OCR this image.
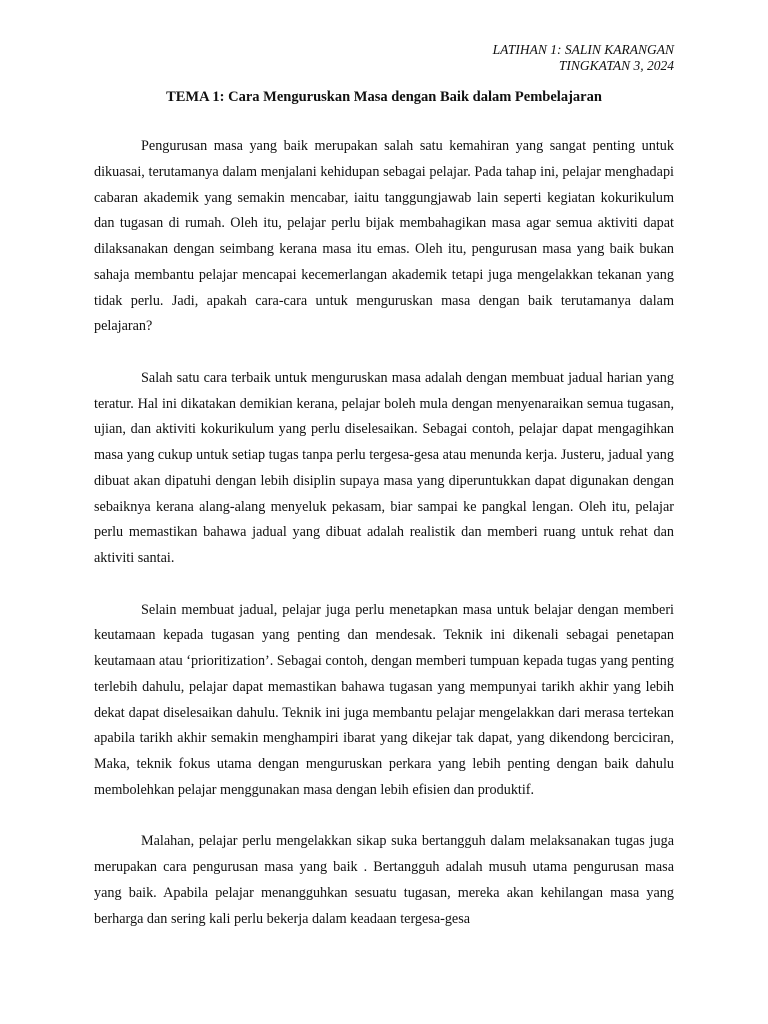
LATIHAN 1: SALIN KARANGAN
TINGKATAN 3, 2024
TEMA 1: Cara Menguruskan Masa dengan Baik dalam Pembelajaran

Pengurusan masa yang baik merupakan salah satu kemahiran yang sangat penting untuk dikuasai, terutamanya dalam menjalani kehidupan sebagai pelajar. Pada tahap ini, pelajar menghadapi cabaran akademik yang semakin mencabar, iaitu tanggungjawab lain seperti kegiatan kokurikulum dan tugasan di rumah. Oleh itu, pelajar perlu bijak membahagikan masa agar semua aktiviti dapat dilaksanakan dengan seimbang kerana masa itu emas. Oleh itu, pengurusan masa yang baik bukan sahaja membantu pelajar mencapai kecemerlangan akademik tetapi juga mengelakkan tekanan yang tidak perlu. Jadi, apakah cara-cara untuk menguruskan masa dengan baik terutamanya dalam pelajaran?

Salah satu cara terbaik untuk menguruskan masa adalah dengan membuat jadual harian yang teratur. Hal ini dikatakan demikian kerana, pelajar boleh mula dengan menyenaraikan semua tugasan, ujian, dan aktiviti kokurikulum yang perlu diselesaikan. Sebagai contoh, pelajar dapat mengagihkan masa yang cukup untuk setiap tugas tanpa perlu tergesa-gesa atau menunda kerja. Justeru, jadual yang dibuat akan dipatuhi dengan lebih disiplin supaya masa yang diperuntukkan dapat digunakan dengan sebaiknya kerana alang-alang menyeluk pekasam, biar sampai ke pangkal lengan. Oleh itu, pelajar perlu memastikan bahawa jadual yang dibuat adalah realistik dan memberi ruang untuk rehat dan aktiviti santai.

Selain membuat jadual, pelajar juga perlu menetapkan masa untuk belajar dengan memberi keutamaan kepada tugasan yang penting dan mendesak. Teknik ini dikenali sebagai penetapan keutamaan atau ‘prioritization’. Sebagai contoh, dengan memberi tumpuan kepada tugas yang penting terlebih dahulu, pelajar dapat memastikan bahawa tugasan yang mempunyai tarikh akhir yang lebih dekat dapat diselesaikan dahulu. Teknik ini juga membantu pelajar mengelakkan dari merasa tertekan apabila tarikh akhir semakin menghampiri ibarat yang dikejar tak dapat, yang dikendong berciciran, Maka, teknik fokus utama dengan menguruskan perkara yang lebih penting dengan baik dahulu membolehkan pelajar menggunakan masa dengan lebih efisien dan produktif.

Malahan, pelajar perlu mengelakkan sikap suka bertangguh dalam melaksanakan tugas juga merupakan cara pengurusan masa yang baik . Bertangguh adalah musuh utama pengurusan masa yang baik. Apabila pelajar menangguhkan sesuatu tugasan, mereka akan kehilangan masa yang berharga dan sering kali perlu bekerja dalam keadaan tergesa-gesa
